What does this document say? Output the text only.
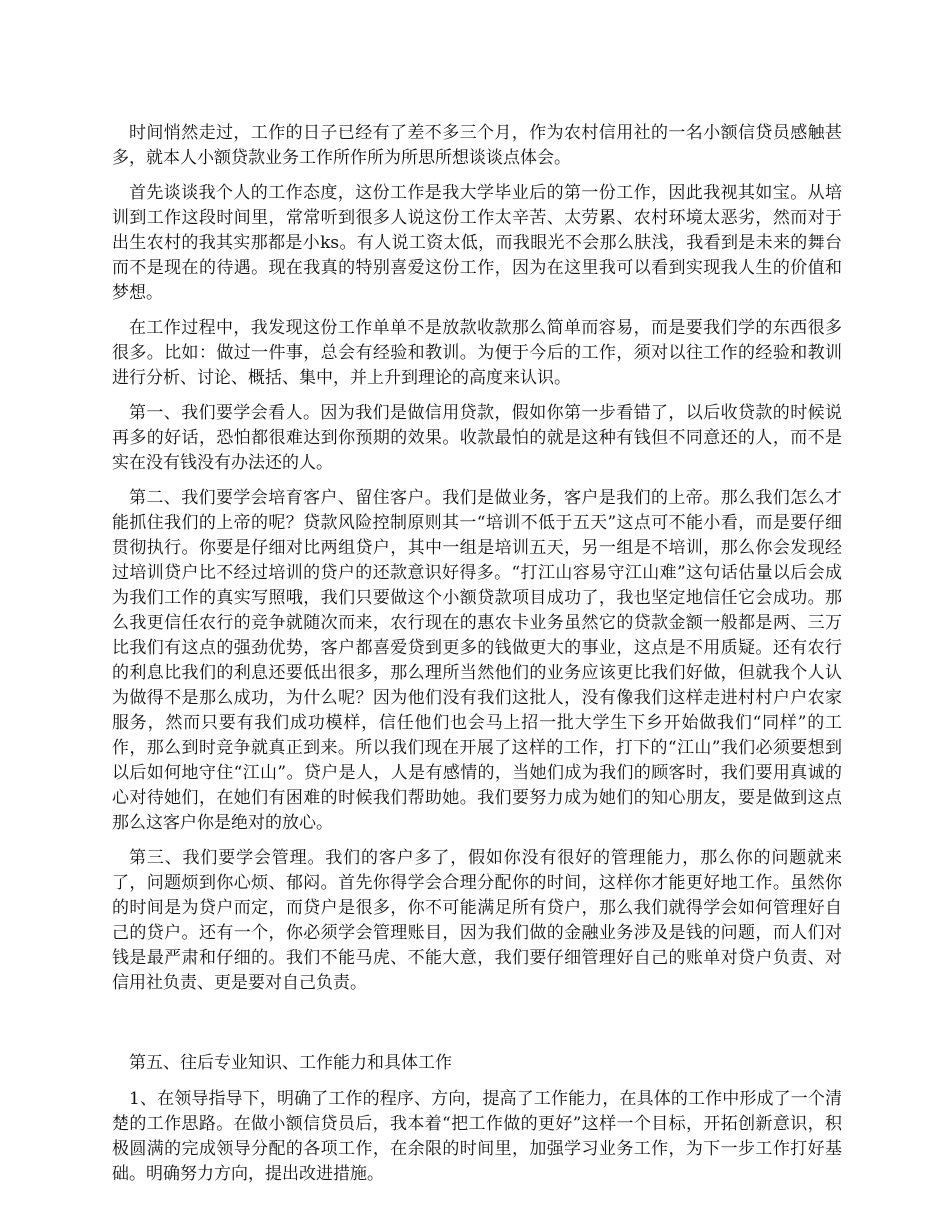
时间悄然走过，工作的日子已经有了差不多三个月，作为农村信用社的一名小额信贷员感触甚多，就本人小额贷款业务工作所作所为所思所想谈谈点体会。

首先谈谈我个人的工作态度，这份工作是我大学毕业后的第一份工作，因此我视其如宝。从培训到工作这段时间里，常常听到很多人说这份工作太辛苦、太劳累、农村环境太恶劣，然而对于出生农村的我其实那都是小ks。有人说工资太低，而我眼光不会那么肤浅，我看到是未来的舞台而不是现在的待遇。现在我真的特别喜爱这份工作，因为在这里我可以看到实现我人生的价值和梦想。

在工作过程中，我发现这份工作单单不是放款收款那么简单而容易，而是要我们学的东西很多很多。比如：做过一件事，总会有经验和教训。为便于今后的工作，须对以往工作的经验和教训进行分析、讨论、概括、集中，并上升到理论的高度来认识。

第一、我们要学会看人。因为我们是做信用贷款，假如你第一步看错了，以后收贷款的时候说再多的好话，恐怕都很难达到你预期的效果。收款最怕的就是这种有钱但不同意还的人，而不是实在没有钱没有办法还的人。

第二、我们要学会培育客户、留住客户。我们是做业务，客户是我们的上帝。那么我们怎么才能抓住我们的上帝的呢？贷款风险控制原则其一“培训不低于五天”这点可不能小看，而是要仔细贯彻执行。你要是仔细对比两组贷户，其中一组是培训五天，另一组是不培训，那么你会发现经过培训贷户比不经过培训的贷户的还款意识好得多。“打江山容易守江山难”这句话估量以后会成为我们工作的真实写照哦，我们只要做这个小额贷款项目成功了，我也坚定地信任它会成功。那么我更信任农行的竞争就随次而来，农行现在的惠农卡业务虽然它的贷款金额一般都是两、三万比我们有这点的强劲优势，客户都喜爱贷到更多的钱做更大的事业，这点是不用质疑。还有农行的利息比我们的利息还要低出很多，那么理所当然他们的业务应该更比我们好做，但就我个人认为做得不是那么成功，为什么呢？因为他们没有我们这批人，没有像我们这样走进村村户户农家服务，然而只要有我们成功模样，信任他们也会马上招一批大学生下乡开始做我们“同样”的工作，那么到时竞争就真正到来。所以我们现在开展了这样的工作，打下的“江山”我们必须要想到以后如何地守住“江山”。贷户是人，人是有感情的，当她们成为我们的顾客时，我们要用真诚的心对待她们，在她们有困难的时候我们帮助她。我们要努力成为她们的知心朋友，要是做到这点那么这客户你是绝对的放心。

第三、我们要学会管理。我们的客户多了，假如你没有很好的管理能力，那么你的问题就来了，问题烦到你心烦、郁闷。首先你得学会合理分配你的时间，这样你才能更好地工作。虽然你的时间是为贷户而定，而贷户是很多，你不可能满足所有贷户，那么我们就得学会如何管理好自己的贷户。还有一个，你必须学会管理账目，因为我们做的金融业务涉及是钱的问题，而人们对钱是最严肃和仔细的。我们不能马虎、不能大意，我们要仔细管理好自己的账单对贷户负责、对信用社负责、更是要对自己负责。

第五、往后专业知识、工作能力和具体工作

1、在领导指导下，明确了工作的程序、方向，提高了工作能力，在具体的工作中形成了一个清楚的工作思路。在做小额信贷员后，我本着“把工作做的更好”这样一个目标，开拓创新意识，积极圆满的完成领导分配的各项工作，在余限的时间里，加强学习业务工作，为下一步工作打好基础。明确努力方向，提出改进措施。
